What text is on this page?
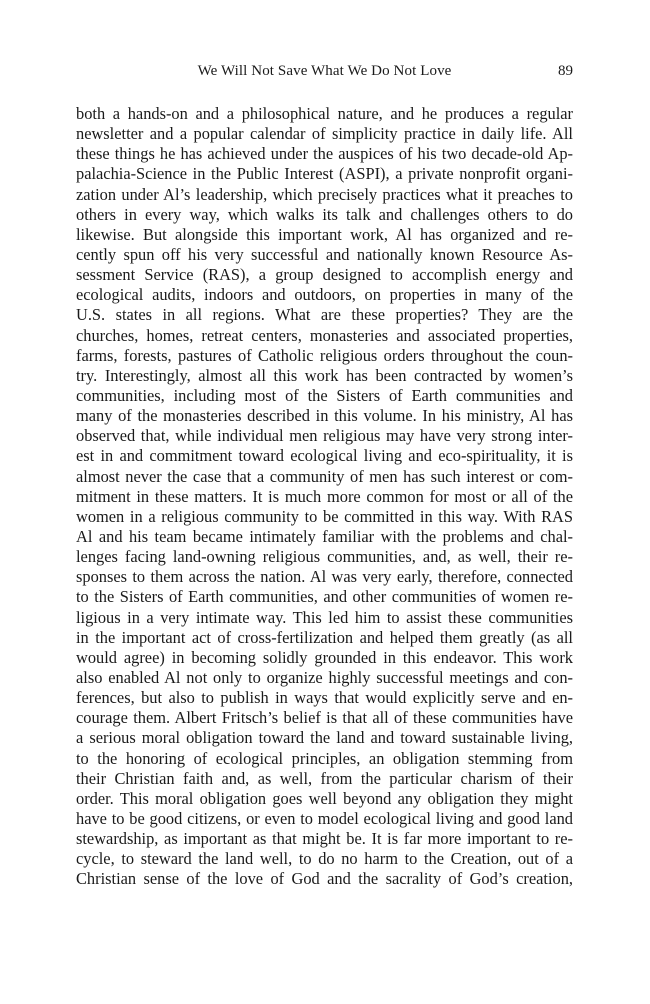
We Will Not Save What We Do Not Love	89
both a hands-on and a philosophical nature, and he produces a regular
newsletter and a popular calendar of simplicity practice in daily life. All
these things he has achieved under the auspices of his two decade-old Ap-
palachia-Science in the Public Interest (ASPI), a private nonprofit organi-
zation under Al’s leadership, which precisely practices what it preaches to
others in every way, which walks its talk and challenges others to do
likewise. But alongside this important work, Al has organized and re-
cently spun off his very successful and nationally known Resource As-
sessment Service (RAS), a group designed to accomplish energy and
ecological audits, indoors and outdoors, on properties in many of the
U.S. states in all regions. What are these properties? They are the
churches, homes, retreat centers, monasteries and associated properties,
farms, forests, pastures of Catholic religious orders throughout the coun-
try. Interestingly, almost all this work has been contracted by women’s
communities, including most of the Sisters of Earth communities and
many of the monasteries described in this volume. In his ministry, Al has
observed that, while individual men religious may have very strong inter-
est in and commitment toward ecological living and eco-spirituality, it is
almost never the case that a community of men has such interest or com-
mitment in these matters. It is much more common for most or all of the
women in a religious community to be committed in this way. With RAS
Al and his team became intimately familiar with the problems and chal-
lenges facing land-owning religious communities, and, as well, their re-
sponses to them across the nation. Al was very early, therefore, connected
to the Sisters of Earth communities, and other communities of women re-
ligious in a very intimate way. This led him to assist these communities
in the important act of cross-fertilization and helped them greatly (as all
would agree) in becoming solidly grounded in this endeavor. This work
also enabled Al not only to organize highly successful meetings and con-
ferences, but also to publish in ways that would explicitly serve and en-
courage them. Albert Fritsch’s belief is that all of these communities have
a serious moral obligation toward the land and toward sustainable living,
to the honoring of ecological principles, an obligation stemming from
their Christian faith and, as well, from the particular charism of their
order. This moral obligation goes well beyond any obligation they might
have to be good citizens, or even to model ecological living and good land
stewardship, as important as that might be. It is far more important to re-
cycle, to steward the land well, to do no harm to the Creation, out of a
Christian sense of the love of God and the sacrality of God’s creation,
